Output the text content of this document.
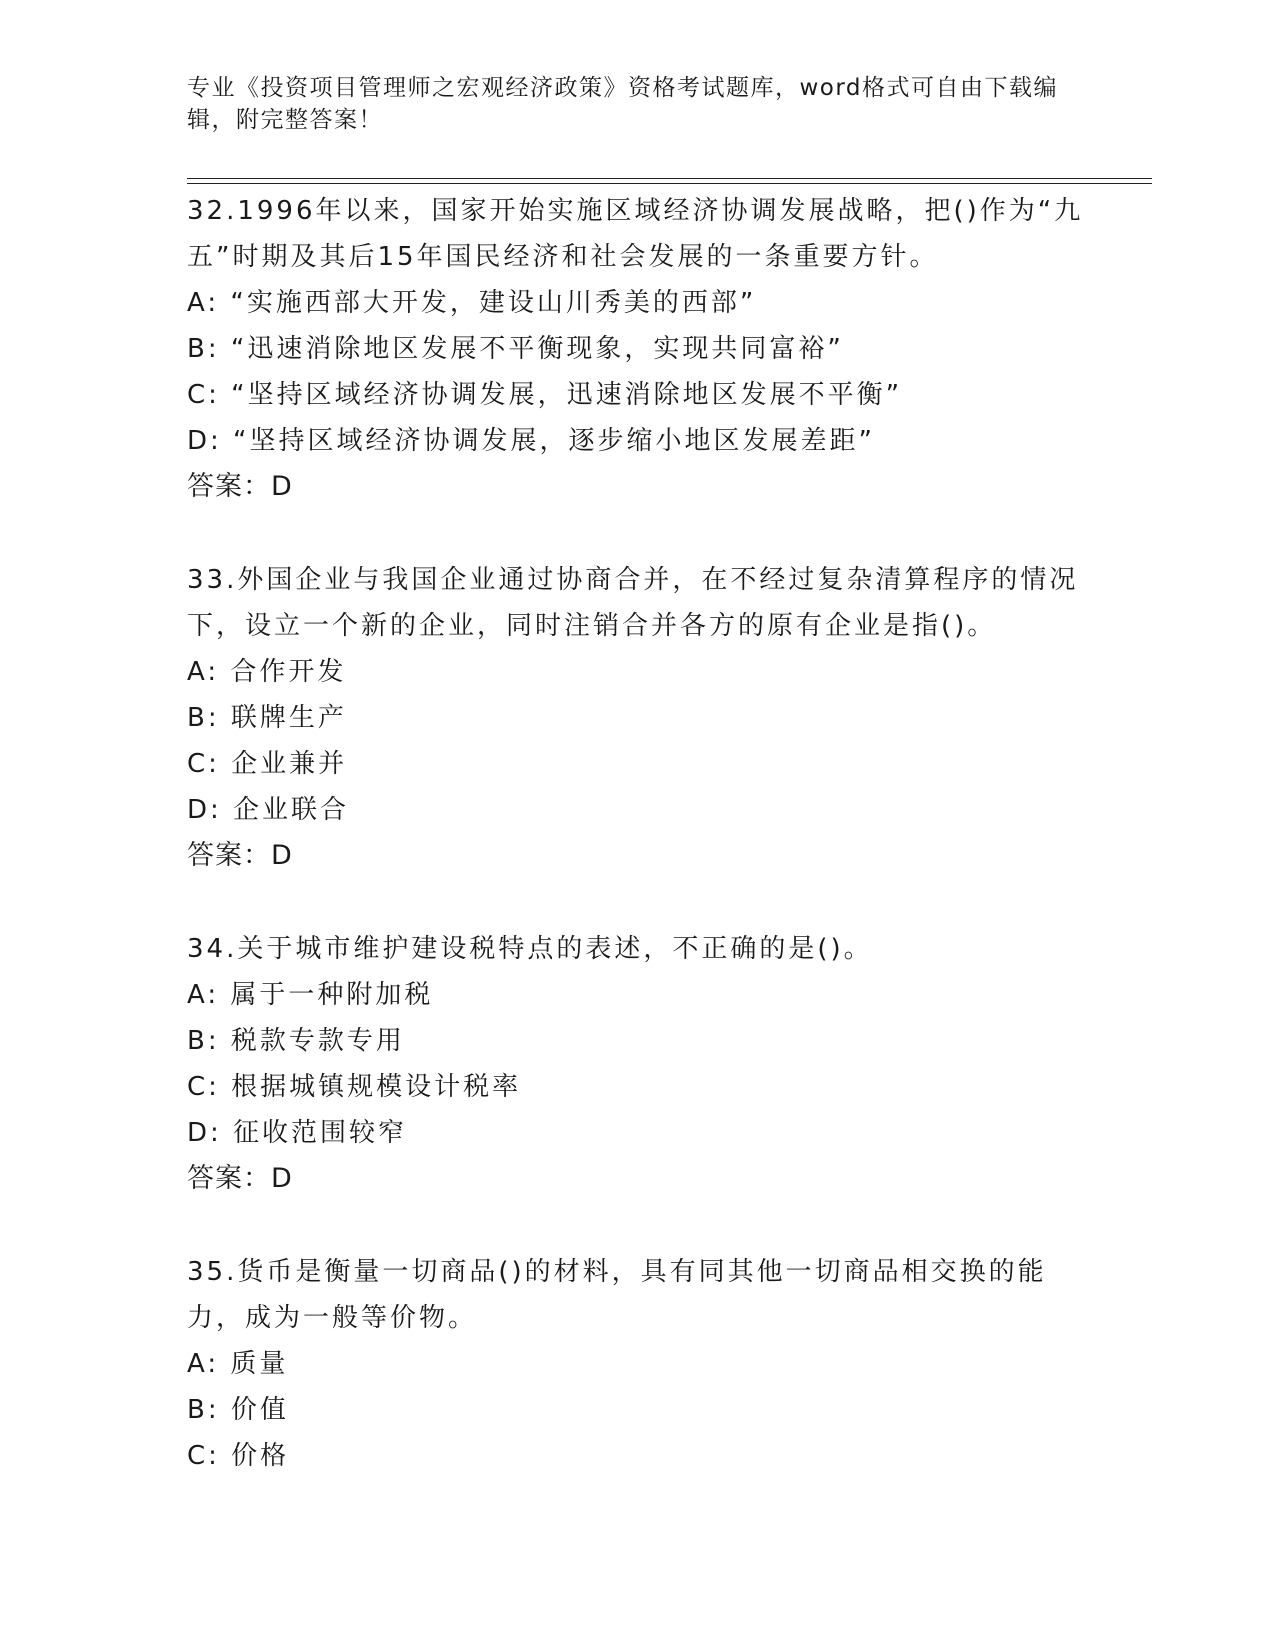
专业《投资项目管理师之宏观经济政策》资格考试题库，word格式可自由下载编辑，附完整答案！
32.1996年以来，国家开始实施区域经济协调发展战略，把()作为“九五”时期及其后15年国民经济和社会发展的一条重要方针。
A: “实施西部大开发，建设山川秀美的西部”
B: “迅速消除地区发展不平衡现象，实现共同富裕”
C: “坚持区域经济协调发展，迅速消除地区发展不平衡”
D: “坚持区域经济协调发展，逐步缩小地区发展差距”
答案：D
33.外国企业与我国企业通过协商合并，在不经过复杂清算程序的情况下，设立一个新的企业，同时注销合并各方的原有企业是指()。
A: 合作开发
B: 联牌生产
C: 企业兼并
D: 企业联合
答案：D
34.关于城市维护建设税特点的表述，不正确的是()。
A: 属于一种附加税
B: 税款专款专用
C: 根据城镇规模设计税率
D: 征收范围较窄
答案：D
35.货币是衡量一切商品()的材料，具有同其他一切商品相交换的能力，成为一般等价物。
A: 质量
B: 价值
C: 价格
